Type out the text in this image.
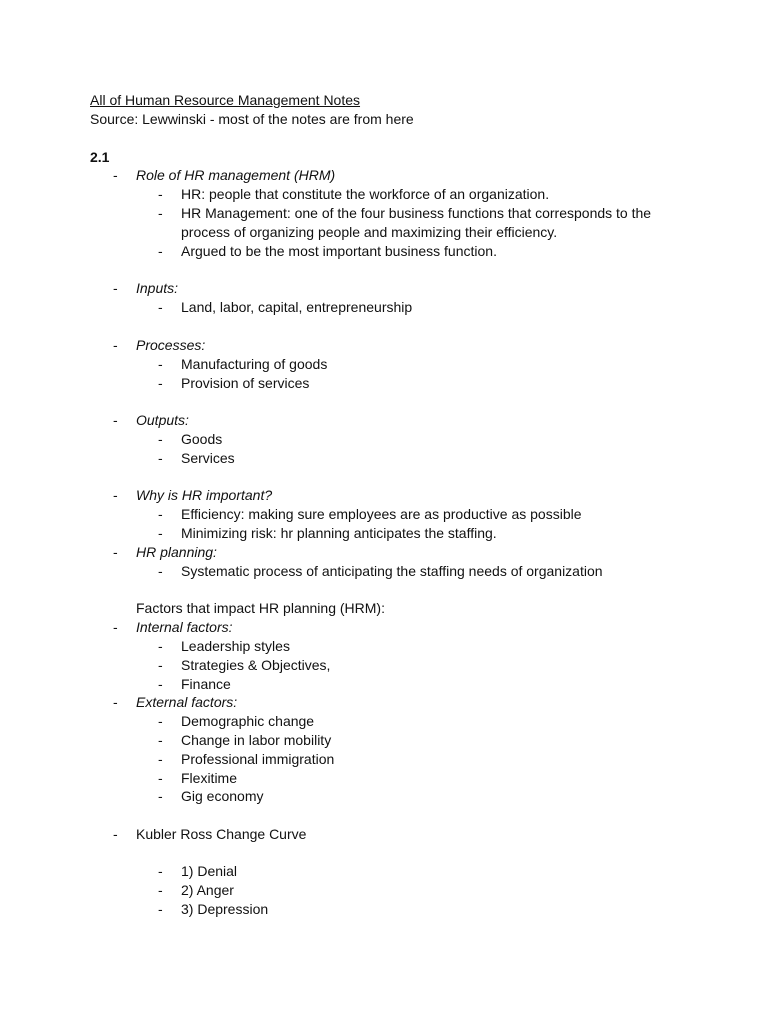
All of Human Resource Management Notes
Source: Lewwinski - most of the notes are from here
2.1
- Role of HR management (HRM)
- HR: people that constitute the workforce of an organization.
- HR Management: one of the four business functions that corresponds to the
process of organizing people and maximizing their efficiency.
- Argued to be the most important business function.
- Inputs:
- Land, labor, capital, entrepreneurship
- Processes:
- Manufacturing of goods
- Provision of services
- Outputs:
- Goods
- Services
- Why is HR important?
- Efficiency: making sure employees are as productive as possible
- Minimizing risk: hr planning anticipates the staffing.
- HR planning:
- Systematic process of anticipating the staffing needs of organization
Factors that impact HR planning (HRM):
- Internal factors:
- Leadership styles
- Strategies & Objectives,
- Finance
- External factors:
- Demographic change
- Change in labor mobility
- Professional immigration
- Flexitime
- Gig economy
- Kubler Ross Change Curve
- 1) Denial
- 2) Anger
- 3) Depression
